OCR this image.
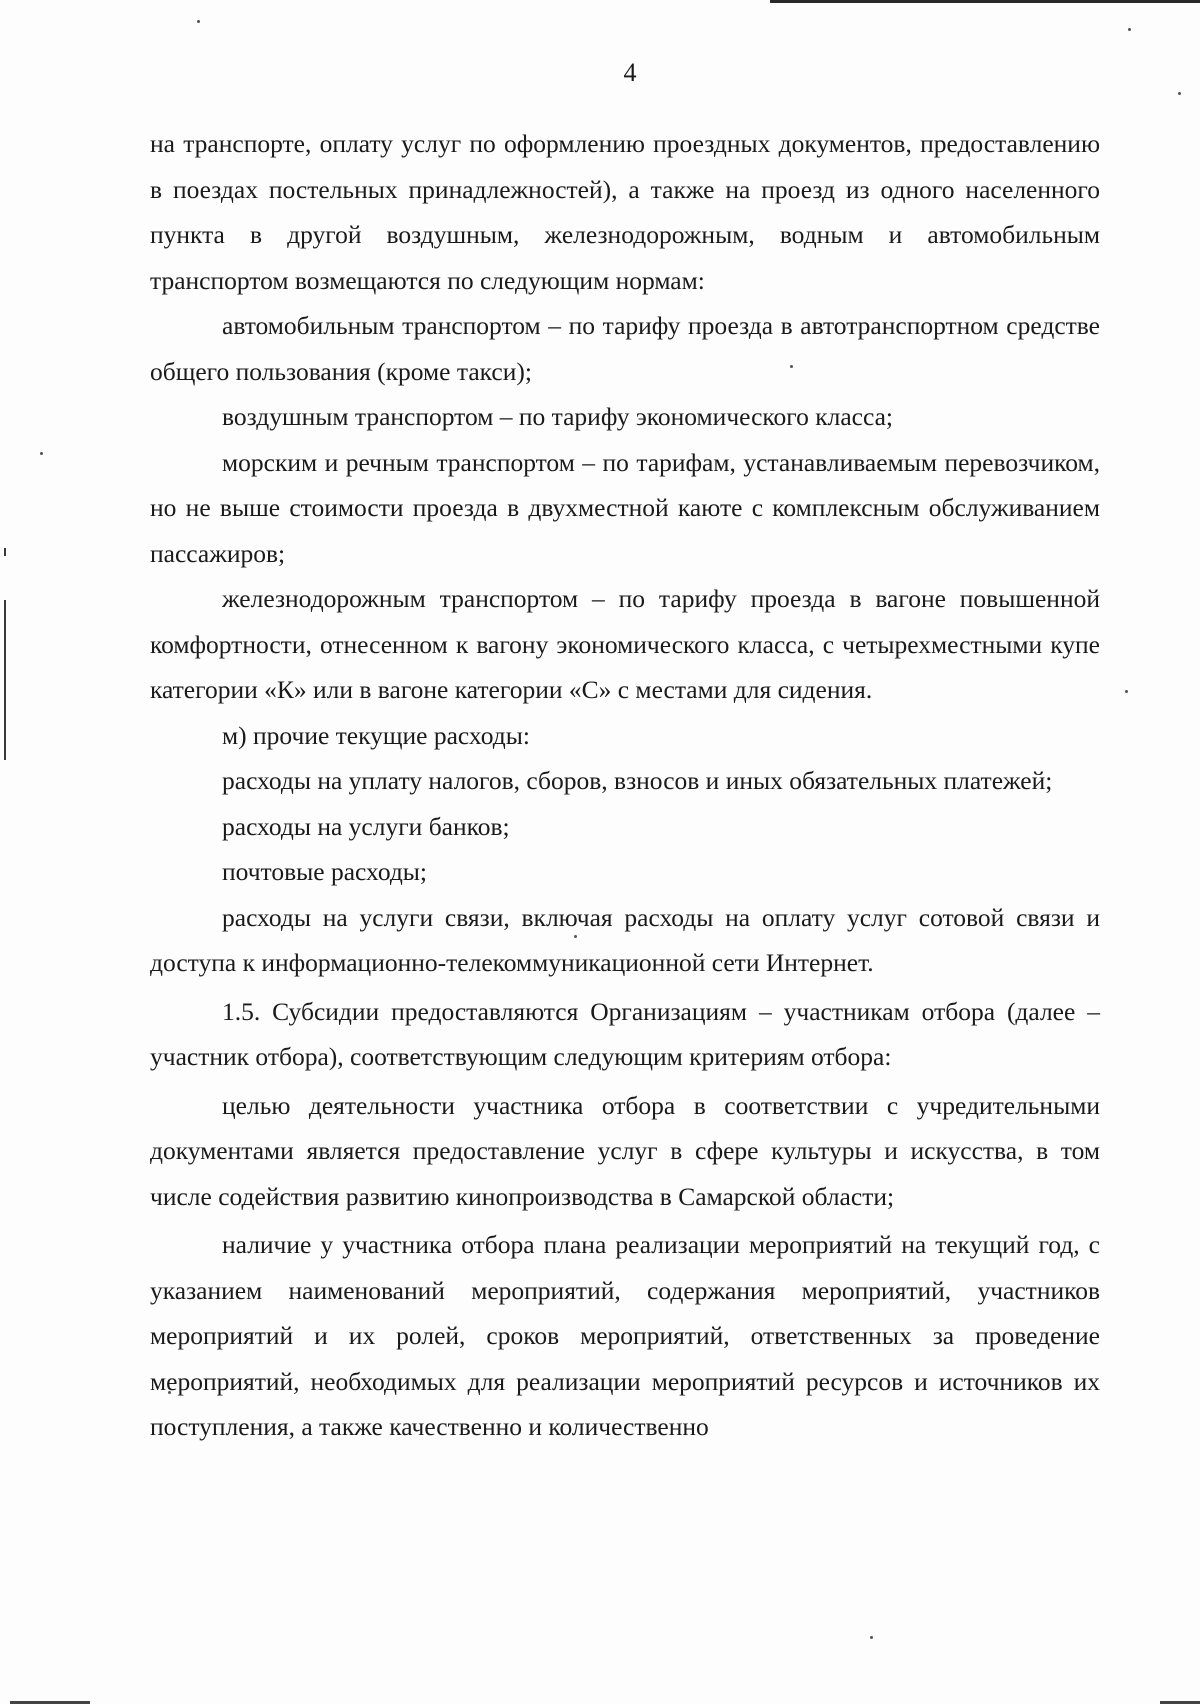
4

на транспорте, оплату услуг по оформлению проездных документов, предоставлению в поездах постельных принадлежностей), а также на проезд из одного населенного пункта в другой воздушным, железнодорожным, водным и автомобильным транспортом возмещаются по следующим нормам:

автомобильным транспортом – по тарифу проезда в автотранспортном средстве общего пользования (кроме такси);

воздушным транспортом – по тарифу экономического класса;

морским и речным транспортом – по тарифам, устанавливаемым перевозчиком, но не выше стоимости проезда в двухместной каюте с комплексным обслуживанием пассажиров;

железнодорожным транспортом – по тарифу проезда в вагоне повышенной комфортности, отнесенном к вагону экономического класса, с четырехместными купе категории «К» или в вагоне категории «С» с местами для сидения.

м) прочие текущие расходы:

расходы на уплату налогов, сборов, взносов и иных обязательных платежей;

расходы на услуги банков;

почтовые расходы;

расходы на услуги связи, включая расходы на оплату услуг сотовой связи и доступа к информационно-телекоммуникационной сети Интернет.

1.5. Субсидии предоставляются Организациям – участникам отбора (далее – участник отбора), соответствующим следующим критериям отбора:

целью деятельности участника отбора в соответствии с учредительными документами является предоставление услуг в сфере культуры и искусства, в том числе содействия развитию кинопроизводства в Самарской области;

наличие у участника отбора плана реализации мероприятий на текущий год, с указанием наименований мероприятий, содержания мероприятий, участников мероприятий и их ролей, сроков мероприятий, ответственных за проведение мероприятий, необходимых для реализации мероприятий ресурсов и источников их поступления, а также качественно и количественно
